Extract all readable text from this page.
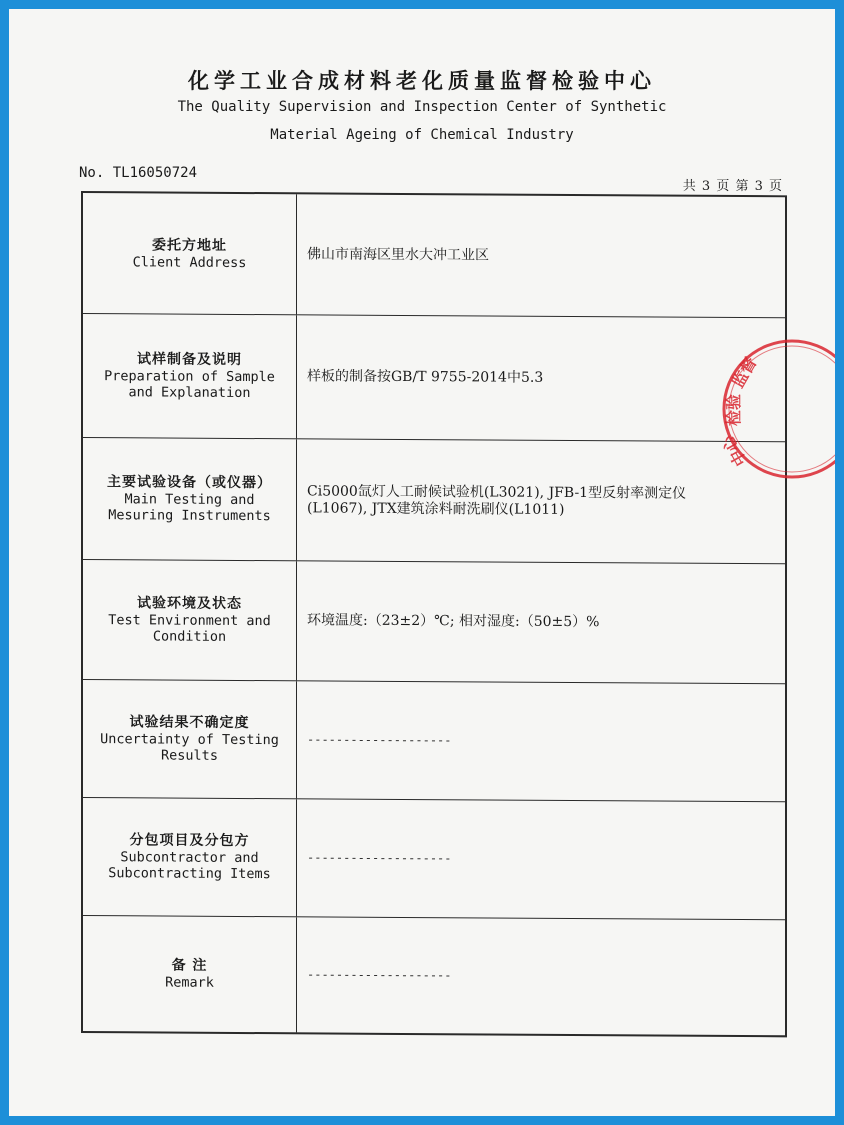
化学工业合成材料老化质量监督检验中心
The Quality Supervision and Inspection Center of Synthetic
Material Ageing of Chemical Industry
No. TL16050724
共 3 页 第 3 页
委托方地址
Client Address	佛山市南海区里水大冲工业区
试样制备及说明
Preparation of Sample
and Explanation
样板的制备按GB/T 9755-2014中5.3
主要试验设备（或仪器）
Main Testing and
Mesuring Instruments
Ci5000氙灯人工耐候试验机(L3021), JFB-1型反射率测定仪
(L1067), JTX建筑涂料耐洗刷仪(L1011)
试验环境及状态
Test Environment and
Condition
环境温度:（23±2）℃; 相对湿度:（50±5）%
试验结果不确定度
Uncertainty of Testing
Results
--------------------
分包项目及分包方
Subcontractor and
Subcontracting Items
--------------------
备 注
Remark	--------------------
监督
检验
中心
